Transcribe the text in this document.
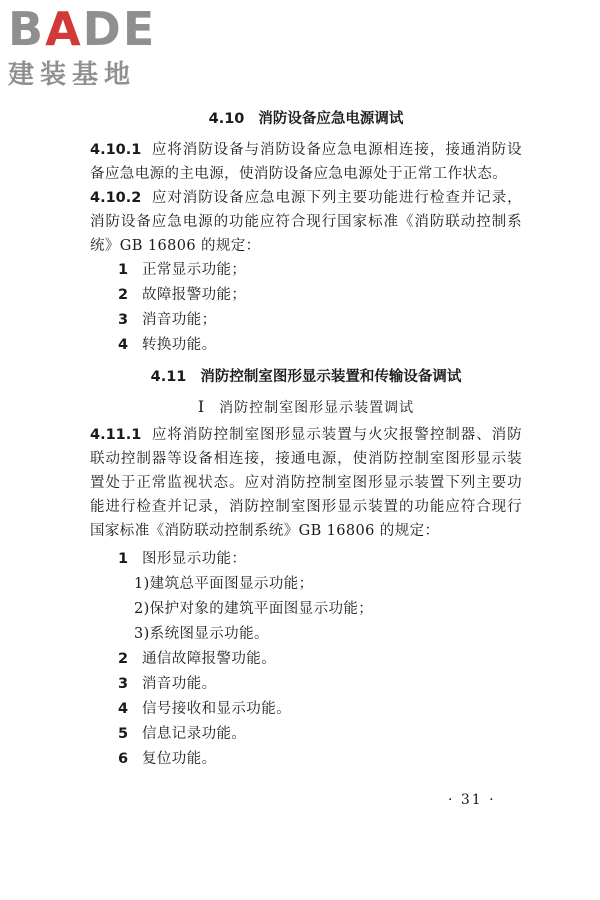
BADE
建装基地

4.10 消防设备应急电源调试

4.10.1 应将消防设备与消防设备应急电源相连接，接通消防设备应急电源的主电源，使消防设备应急电源处于正常工作状态。

4.10.2 应对消防设备应急电源下列主要功能进行检查并记录，消防设备应急电源的功能应符合现行国家标准《消防联动控制系统》GB 16806 的规定：

1 正常显示功能；

2 故障报警功能；

3 消音功能；

4 转换功能。

4.11 消防控制室图形显示装置和传输设备调试

Ⅰ 消防控制室图形显示装置调试

4.11.1 应将消防控制室图形显示装置与火灾报警控制器、消防联动控制器等设备相连接，接通电源，使消防控制室图形显示装置处于正常监视状态。应对消防控制室图形显示装置下列主要功能进行检查并记录，消防控制室图形显示装置的功能应符合现行国家标准《消防联动控制系统》GB 16806 的规定：

1 图形显示功能：

1)建筑总平面图显示功能；

2)保护对象的建筑平面图显示功能；

3)系统图显示功能。

2 通信故障报警功能。

3 消音功能。

4 信号接收和显示功能。

5 信息记录功能。

6 复位功能。

· 31 ·
